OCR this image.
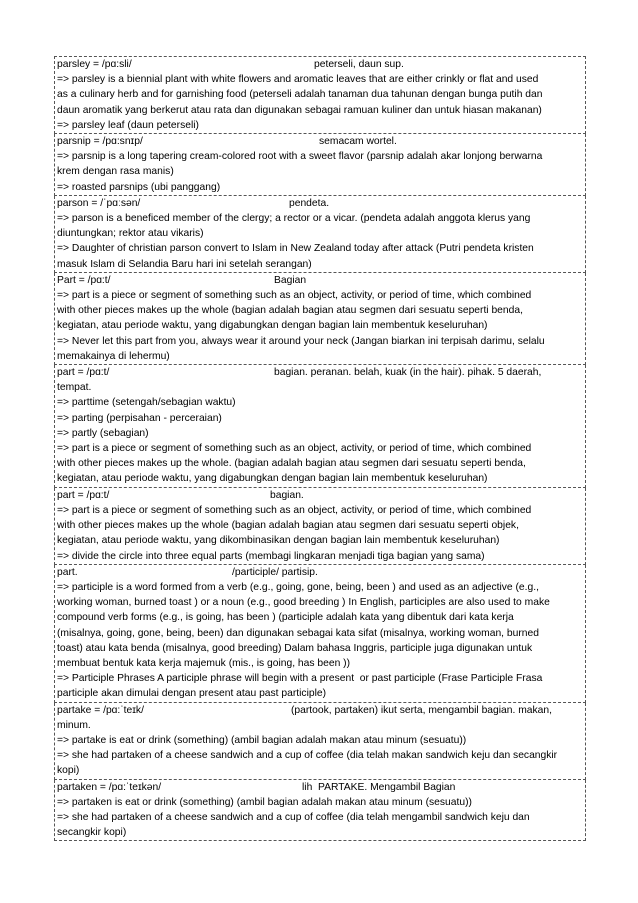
parsley = /pɑ:sli/	peterseli, daun sup.
=> parsley is a biennial plant with white flowers and aromatic leaves that are either crinkly or flat and used
as a culinary herb and for garnishing food (peterseli adalah tanaman dua tahunan dengan bunga putih dan
daun aromatik yang berkerut atau rata dan digunakan sebagai ramuan kuliner dan untuk hiasan makanan)
=> parsley leaf (daun peterseli)
parsnip = /pɑ:snɪp/	semacam wortel.
=> parsnip is a long tapering cream-colored root with a sweet flavor (parsnip adalah akar lonjong berwarna
krem dengan rasa manis)
=> roasted parsnips (ubi panggang)
parson = /ˈpɑːsən/	pendeta.
=> parson is a beneficed member of the clergy; a rector or a vicar. (pendeta adalah anggota klerus yang
diuntungkan; rektor atau vikaris)
=> Daughter of christian parson convert to Islam in New Zealand today after attack (Putri pendeta kristen
masuk Islam di Selandia Baru hari ini setelah serangan)
Part = /pɑ:t/	Bagian
=> part is a piece or segment of something such as an object, activity, or period of time, which combined
with other pieces makes up the whole (bagian adalah bagian atau segmen dari sesuatu seperti benda,
kegiatan, atau periode waktu, yang digabungkan dengan bagian lain membentuk keseluruhan)
=> Never let this part from you, always wear it around your neck (Jangan biarkan ini terpisah darimu, selalu
memakainya di lehermu)
part = /pɑ:t/	bagian. peranan. belah, kuak (in the hair). pihak. 5 daerah,
tempat.
=> parttime (setengah/sebagian waktu)
=> parting (perpisahan - perceraian)
=> partly (sebagian)
=> part is a piece or segment of something such as an object, activity, or period of time, which combined
with other pieces makes up the whole. (bagian adalah bagian atau segmen dari sesuatu seperti benda,
kegiatan, atau periode waktu, yang digabungkan dengan bagian lain membentuk keseluruhan)
part = /pɑ:t/	bagian.
=> part is a piece or segment of something such as an object, activity, or period of time, which combined
with other pieces makes up the whole (bagian adalah bagian atau segmen dari sesuatu seperti objek,
kegiatan, atau periode waktu, yang dikombinasikan dengan bagian lain membentuk keseluruhan)
=> divide the circle into three equal parts (membagi lingkaran menjadi tiga bagian yang sama)
part.	/participle/ partisip.
=> participle is a word formed from a verb (e.g., going, gone, being, been ) and used as an adjective (e.g.,
working woman, burned toast ) or a noun (e.g., good breeding ) In English, participles are also used to make
compound verb forms (e.g., is going, has been ) (participle adalah kata yang dibentuk dari kata kerja
(misalnya, going, gone, being, been) dan digunakan sebagai kata sifat (misalnya, working woman, burned
toast) atau kata benda (misalnya, good breeding) Dalam bahasa Inggris, participle juga digunakan untuk
membuat bentuk kata kerja majemuk (mis., is going, has been ))
=> Participle Phrases A participle phrase will begin with a present  or past participle (Frase Participle Frasa
participle akan dimulai dengan present atau past participle)
partake = /pɑ:ˈteɪk/	(partook, partaken) ikut serta, mengambil bagian. makan,
minum.
=> partake is eat or drink (something) (ambil bagian adalah makan atau minum (sesuatu))
=> she had partaken of a cheese sandwich and a cup of coffee (dia telah makan sandwich keju dan secangkir
kopi)
partaken = /pɑ:ˈteɪkən/	lih  PARTAKE. Mengambil Bagian
=> partaken is eat or drink (something) (ambil bagian adalah makan atau minum (sesuatu))
=> she had partaken of a cheese sandwich and a cup of coffee (dia telah mengambil sandwich keju dan
secangkir kopi)
